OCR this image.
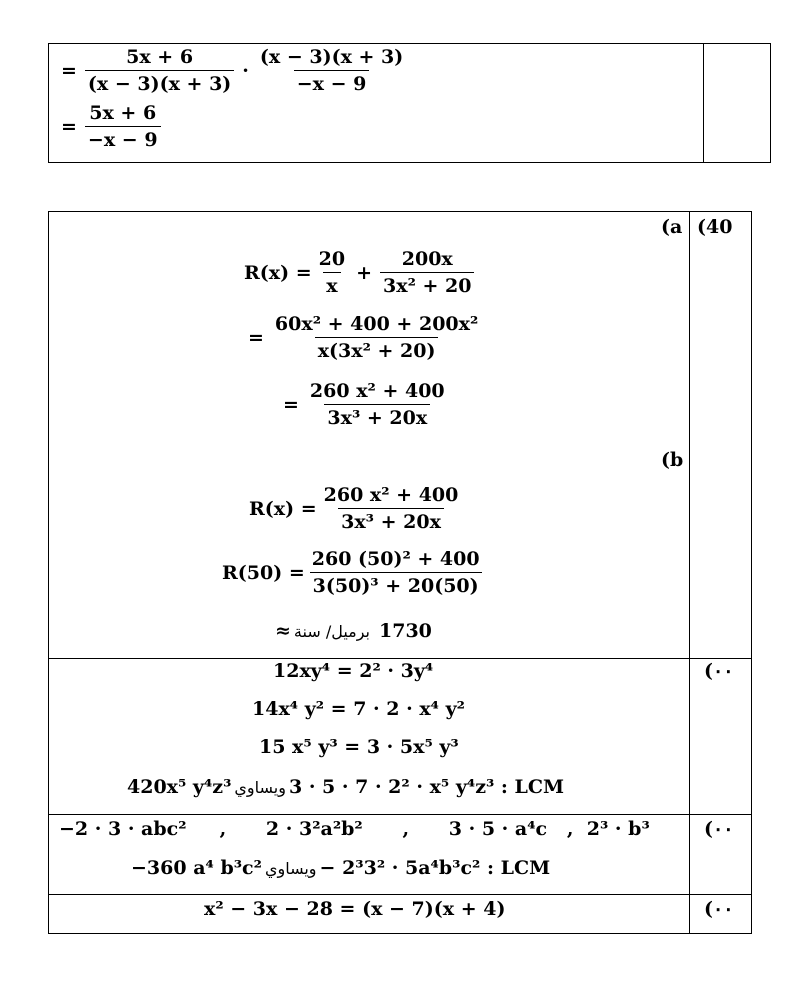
= $\frac{5x + 6}{(x - 3)(x + 3)} \cdot \frac{(x - 3)(x + 3)}{-x - 9}$
= $\frac{5x + 6}{-x - 9}$
(40
(a
$R(x) = \frac{20}{x} + \frac{200x}{\text{3x² + 20}}$
= $\frac{\text{60x² + 400 + 200x²}}{\text{x(3x² + 20)}}$
= $\frac{\text{260 x² + 400}}{\text{3x³ + 20x}}$
(b
$R(x) = \frac{\text{260 x² + 400}}{\text{3x³ + 20x}}$
$R(50) = \frac{\text{260 (50)² + 400}}{\text{3(50)³ + 20(50)}}$
≈ برميل/ سنة 1730
(٠٠
12xy⁴ = 2² · 3y⁴
14x⁴ y² = 7 · 2 · x⁴ y²
15 x⁵ y³ = 3 · 5x⁵ y³
420x⁵ y⁴z³ ويساوي 3 · 5 · 7 · 2² · x⁵ y⁴z³ : LCM
(٠٠
−2 · 3 · abc²     ,      2 · 3²a²b²      ,      3 · 5 · a⁴c   ,  2³ · b³
−360 a⁴ b³c² ويساوي − 2³3² · 5a⁴b³c² : LCM
(٠٠
x² − 3x − 28 = (x − 7)(x + 4)
